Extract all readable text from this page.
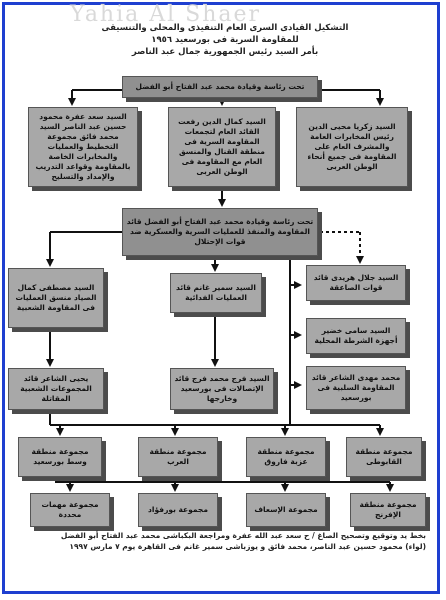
Yahia Al Shaer
التشكيل القيادى السرى العام التنفيذى والمحلى والتنسيقى
للمقاومة السرية فى بورسعيد ١٩٥٦
بأمر السيد رئيس الجمهورية جمال عبد الناصر
تحت رئاسة وقيادة محمد عبد الفتاح أبو الفضل
السيد سعد عفرة محمود حسين عبد الناصر السيد محمد فائق مجموعة التخطيط والعمليات والمخابرات الخاصة بالمقاومة وقواعد التدريب والإمداد والتسليح
السيد كمال الدين رفعت القائد العام لتجمعات المقاومة السرية فى منطقة القنال والمنسق العام مع المقاومة فى الوطن العربى
السيد زكريا محيى الدين رئيس المخابرات العامة والمشرف العام على المقاومة فى جميع أنحاء الوطن العربى
تحت رئاسة وقيادة محمد عبد الفتاح أبو الفضل قائد المقاومة والمنفذ للعمليات السرية والعسكرية ضد قوات الإحتلال
السيد مصطفى كمال الصياد منسق العمليات فى المقاومة الشعبية
السيد سمير غانم قائد العمليات الفدائية
السيد جلال هريدى قائد قوات الصاعقة
السيد سامى خضير أجهزة الشرطة المحلية
يحيى الشاعر قائد المجموعات الشعبية المقاتلة
السيد فرج محمد فرج قائد الإتصالات فى بورسعيد وخارجها
محمد مهدى الشاعر قائد المقاومة السلبية فى بورسعيد
مجموعة منطقة وسط بورسعيد
مجموعة منطقة العرب
مجموعة منطقة عزبة فاروق
مجموعة منطقة القابوطى
مجموعة مهمات محددة
مجموعة بورفؤاد	مجموعة الإسعاف
مجموعة منطقة الإفرنج
بخط يد وتوقيع وتصحيح الصاغ / ح سعد عبد الله عفرة ومراجعة البكباشى محمد عبد الفتاح أبو الفضل
(لواء) محمود حسين عبد الناصر، محمد فائق و يوزباشى سمير غانم فى القاهرة يوم ٧ مارس ١٩٩٧
